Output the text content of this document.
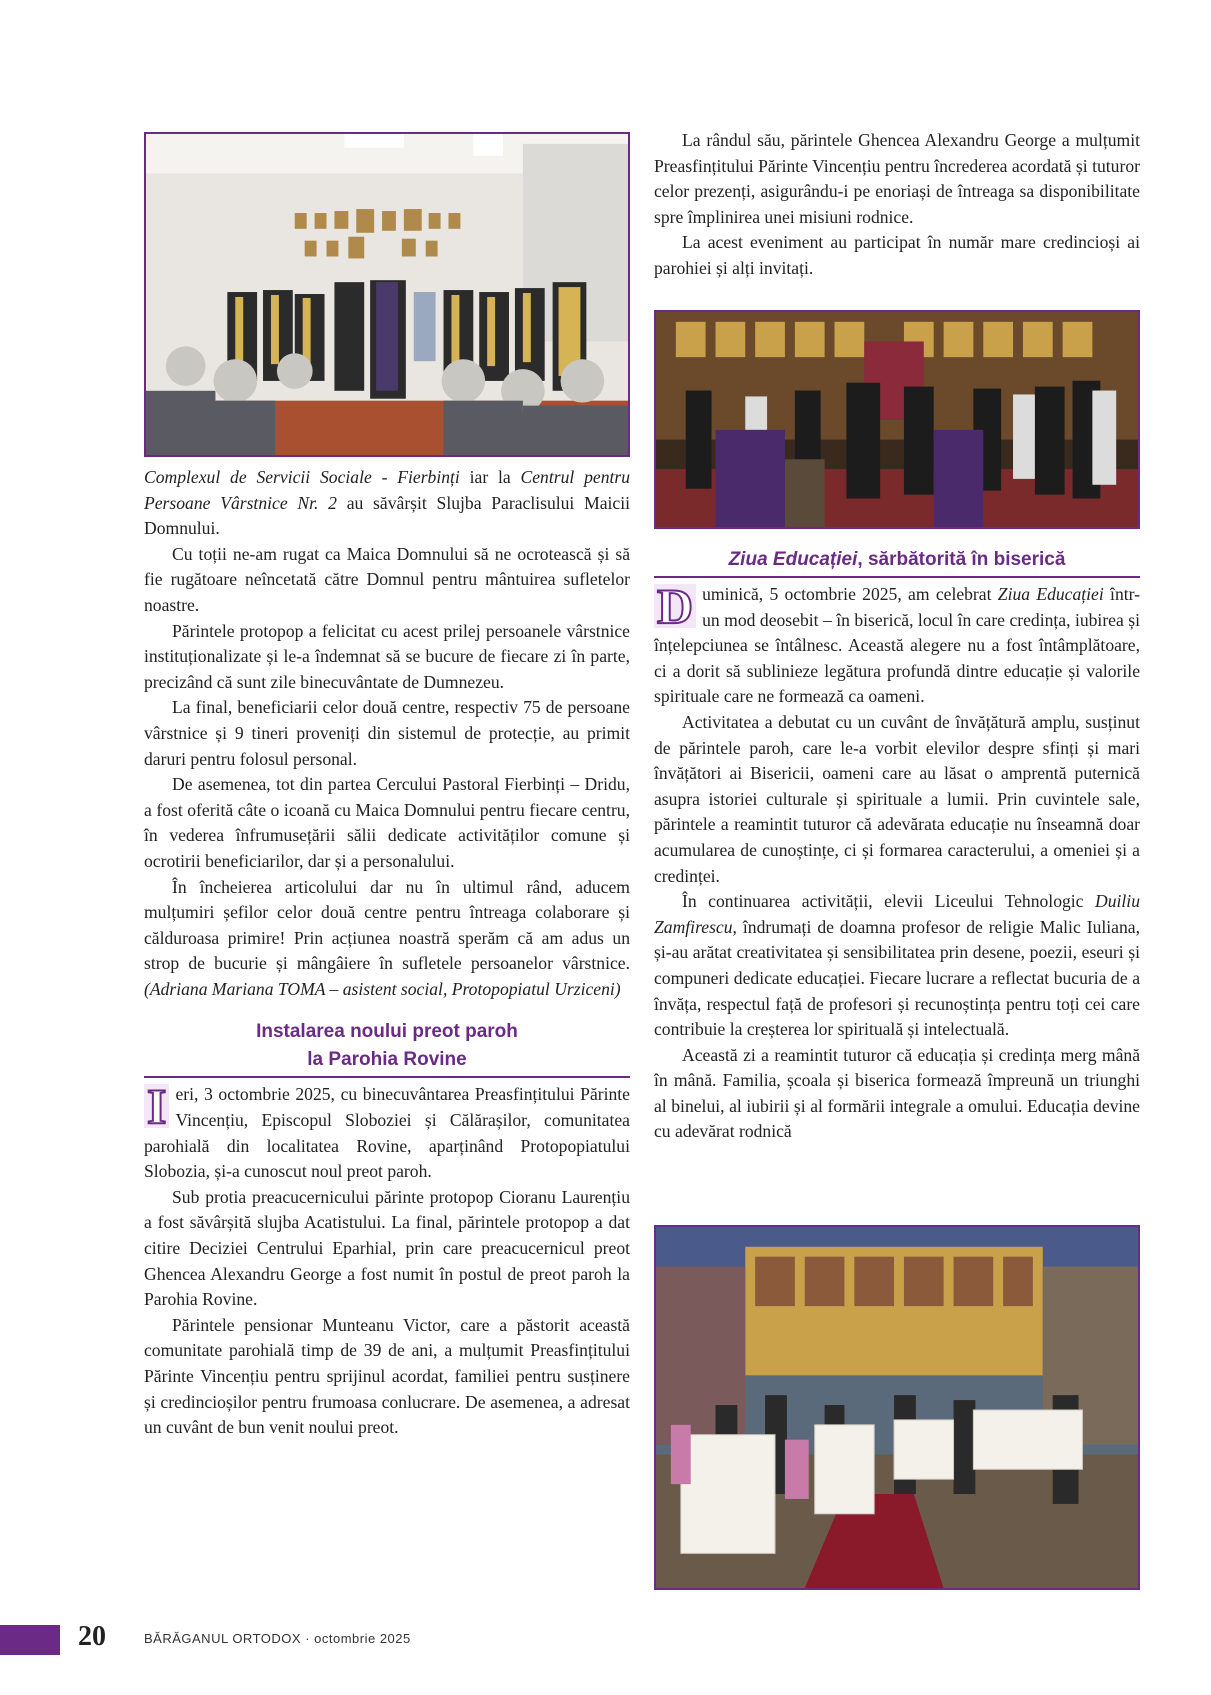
Complexul de Servicii Sociale - Fierbinți iar la Centrul pentru Persoane Vârstnice Nr. 2 au săvârșit Slujba Paraclisului Maicii Domnului.

Cu toții ne-am rugat ca Maica Domnului să ne ocrotească și să fie rugătoare neîncetată către Domnul pentru mântuirea sufletelor noastre.

Părintele protopop a felicitat cu acest prilej persoanele vârstnice instituționalizate și le-a îndemnat să se bucure de fiecare zi în parte, precizând că sunt zile binecuvântate de Dumnezeu.

La final, beneficiarii celor două centre, respectiv 75 de persoane vârstnice și 9 tineri proveniți din sistemul de protecție, au primit daruri pentru folosul personal.

De asemenea, tot din partea Cercului Pastoral Fierbinți – Dridu, a fost oferită câte o icoană cu Maica Domnului pentru fiecare centru, în vederea înfrumusețării sălii dedicate activităților comune și ocrotirii beneficiarilor, dar și a personalului.

În încheierea articolului dar nu în ultimul rând, aducem mulțumiri șefilor celor două centre pentru întreaga colaborare și călduroasa primire! Prin acțiunea noastră sperăm că am adus un strop de bucurie și mângâiere în sufletele persoanelor vârstnice. (Adriana Mariana TOMA – asistent social, Protopopiatul Urziceni)

Instalarea noului preot paroh
la Parohia Rovine

I eri, 3 octombrie 2025, cu binecuvântarea Preasfințitului Părinte Vincențiu, Episcopul Sloboziei și Călărașilor, comunitatea parohială din localitatea Rovine, aparținând Protopopiatului Slobozia, și-a cunoscut noul preot paroh.

Sub protia preacucernicului părinte protopop Cioranu Laurențiu a fost săvârșită slujba Acatistului. La final, părintele protopop a dat citire Deciziei Centrului Eparhial, prin care preacucernicul preot Ghencea Alexandru George a fost numit în postul de preot paroh la Parohia Rovine.

Părintele pensionar Munteanu Victor, care a păstorit această comunitate parohială timp de 39 de ani, a mulțumit Preasfințitului Părinte Vincențiu pentru sprijinul acordat, familiei pentru susținere și credincioșilor pentru frumoasa conlucrare. De asemenea, a adresat un cuvânt de bun venit noului preot.

La rândul său, părintele Ghencea Alexandru George a mulțumit Preasfințitului Părinte Vincențiu pentru încrederea acordată și tuturor celor prezenți, asigurându-i pe enoriași de întreaga sa disponibilitate spre împlinirea unei misiuni rodnice.

La acest eveniment au participat în număr mare credincioși ai parohiei și alți invitați.

Ziua Educației, sărbătorită în biserică

D uminică, 5 octombrie 2025, am celebrat Ziua Educației într-un mod deosebit – în biserică, locul în care credința, iubirea și înțelepciunea se întâlnesc. Această alegere nu a fost întâmplătoare, ci a dorit să sublinieze legătura profundă dintre educație și valorile spirituale care ne formează ca oameni.

Activitatea a debutat cu un cuvânt de învățătură amplu, susținut de părintele paroh, care le-a vorbit elevilor despre sfinți și mari învățători ai Bisericii, oameni care au lăsat o amprentă puternică asupra istoriei culturale și spirituale a lumii. Prin cuvintele sale, părintele a reamintit tuturor că adevărata educație nu înseamnă doar acumularea de cunoștințe, ci și formarea caracterului, a omeniei și a credinței.

În continuarea activității, elevii Liceului Tehnologic Duiliu Zamfirescu, îndrumați de doamna profesor de religie Malic Iuliana, și-au arătat creativitatea și sensibilitatea prin desene, poezii, eseuri și compuneri dedicate educației. Fiecare lucrare a reflectat bucuria de a învăța, respectul față de profesori și recunoștința pentru toți cei care contribuie la creșterea lor spirituală și intelectuală.

Această zi a reamintit tuturor că educația și credința merg mână în mână. Familia, școala și biserica formează împreună un triunghi al binelui, al iubirii și al formării integrale a omului. Educația devine cu adevărat rodnică

20	BĂRĂGANUL ORTODOX · octombrie 2025
